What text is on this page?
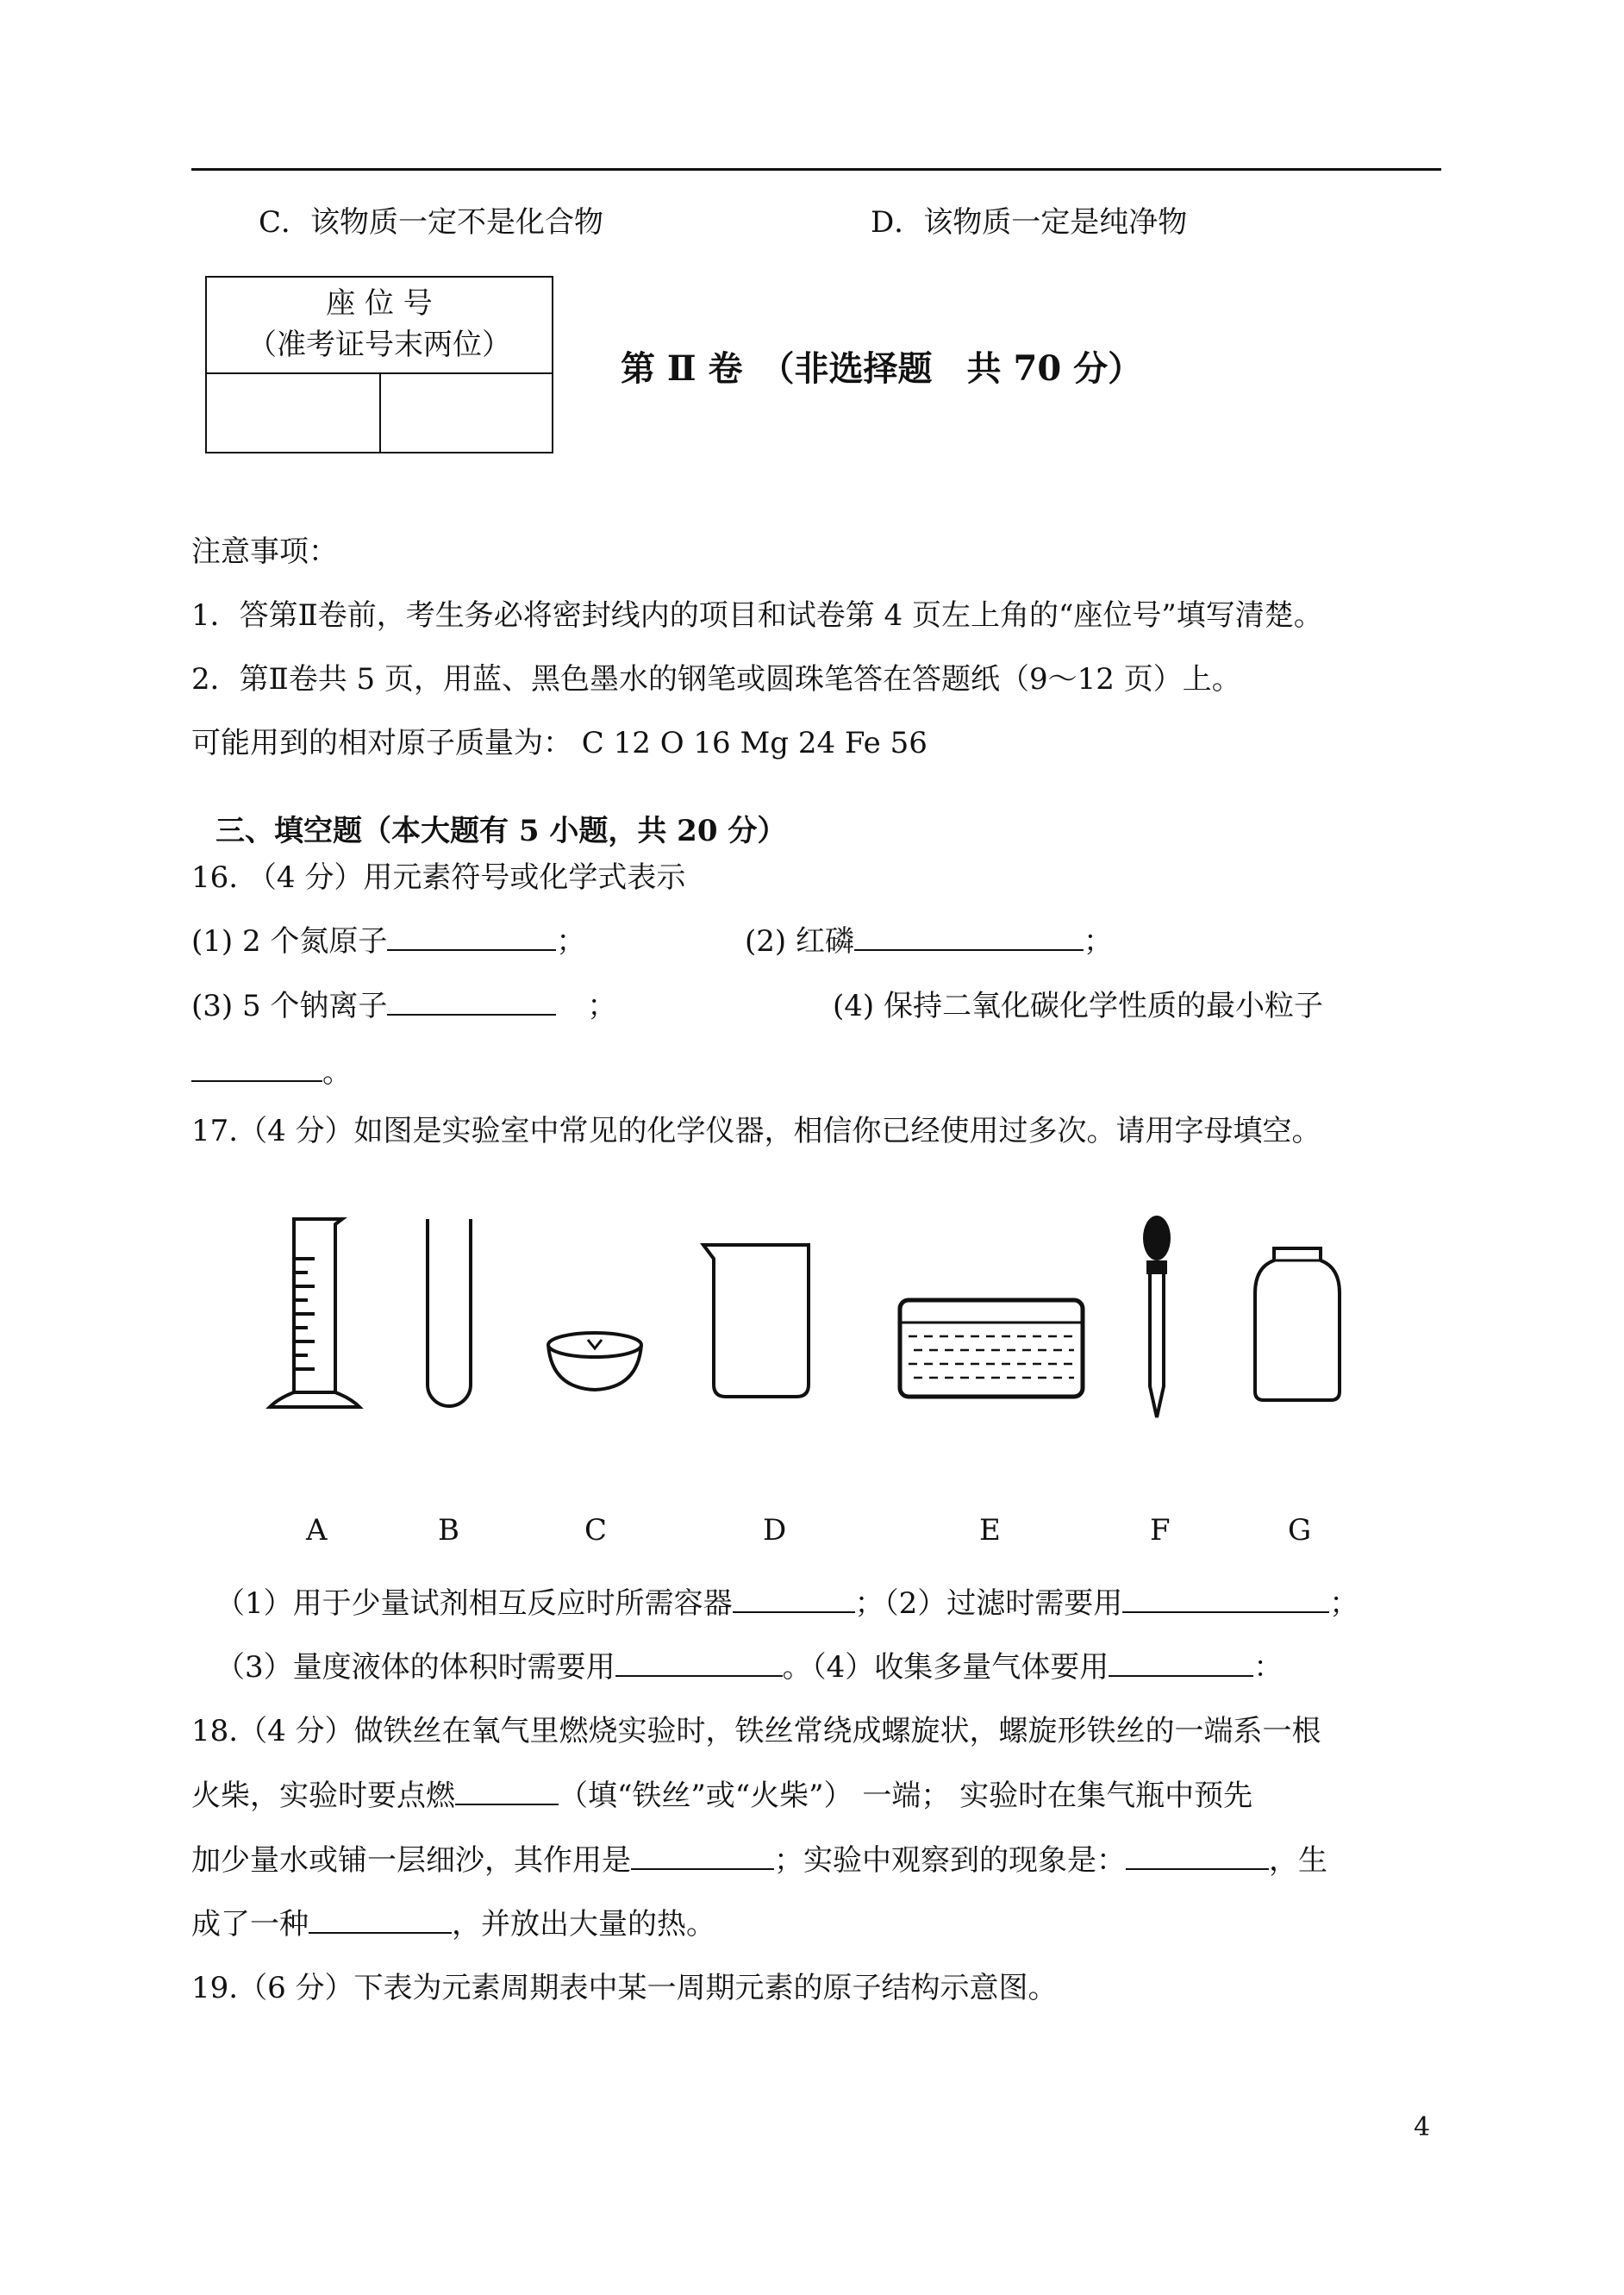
C．该物质一定不是化合物	D．该物质一定是纯净物
座 位 号
（准考证号末两位）
第 Ⅱ 卷　（非选择题　共 70 分）
注意事项：
1．答第Ⅱ卷前，考生务必将密封线内的项目和试卷第 4 页左上角的“座位号”填写清楚。
2．第Ⅱ卷共 5 页，用蓝、黑色墨水的钢笔或圆珠笔答在答题纸（9～12 页）上。
可能用到的相对原子质量为： C 12 O 16 Mg 24 Fe 56
三、填空题（本大题有 5 小题，共 20 分）
16. （4 分）用元素符号或化学式表示
(1) 2 个氮原子	；	(2) 红磷	；
(3) 5 个钠离子	；	(4) 保持二氧化碳化学性质的最小粒子
。
17.（4 分）如图是实验室中常见的化学仪器，相信你已经使用过多次。请用字母填空。
A	B	C	D	E	F	G
（1）用于少量试剂相互反应时所需容器	；（2）过滤时需要用	；
（3）量度液体的体积时需要用	。（4）收集多量气体要用	：
18.（4 分）做铁丝在氧气里燃烧实验时，铁丝常绕成螺旋状，螺旋形铁丝的一端系一根
火柴，实验时要点燃	（填“铁丝”或“火柴”） 一端； 实验时在集气瓶中预先
加少量水或铺一层细沙，其作用是	；实验中观察到的现象是：	，生
成了一种	，并放出大量的热。
19.（6 分）下表为元素周期表中某一周期元素的原子结构示意图。
4
